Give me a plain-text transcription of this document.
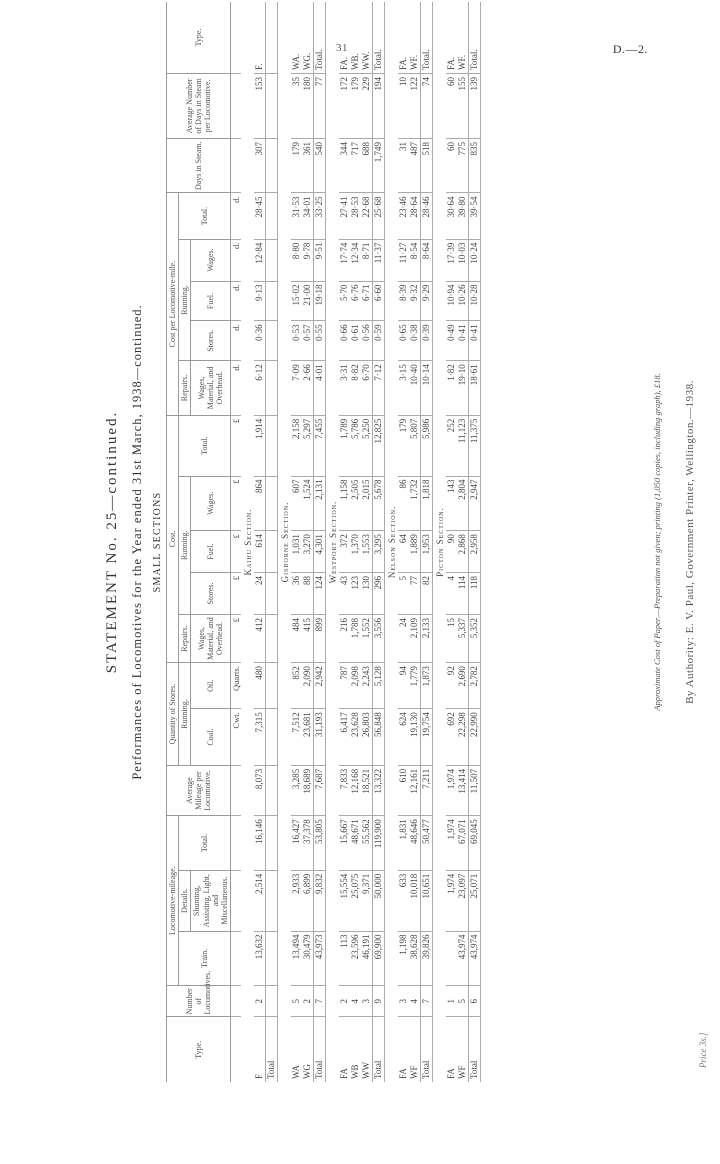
31	D.—2.
STATEMENT No. 25—continued. Performances of Locomotives for the Year ended 31st March, 1938—continued. SMALL SECTIONS
Type.	Number of Locomotives.	Locomotive-mileage.			Average Mileage per Locomotive.	Quantity of Stores.		Cost.					Cost per Locomotive-mile.					Days in Steam.	Average Number of Days in Steam per Locomotive.	Type.
		Train.	Details.	Total.		Running.		Repairs.	Running.			Total.	Repairs.	Running.			Total.			
			Shunting, Assisting, Light, and Miscellaneous.			Coal.	Oil.	Wages, Material, and Overhead.	Stores.	Fuel.	Wages.		Wages, Material, and Overhead.	Stores.	Fuel.	Wages.				
						Cwt.	Quarts.	£	£	£	£	£	d.	d.	d.	d.	d.			
Kaihu Section.																				
F	2	13,632	2,514	16,146	8,073	7,315	480	412	24	614	864	1,914	6·12	0·36	9·13	12·84	28·45	307	153	F.
Total																				
Gisborne Section.																				
WA	5	13,494	2,933	16,427	3,285	7,512	852	484	36	1,031	607	2,158	7·09	0·53	15·02	8·80	31·53	179	35	WA.
WG	2	30,479	6,899	37,378	18,689	23,681	2,090	415	88	3,270	1,524	5,297	2·66	0·57	21·00	9·78	34·01	361	180	WG.
Total	7	43,973	9,832	53,805	7,687	31,193	2,942	899	124	4,301	2,131	7,455	4·01	0·55	19·18	9·51	33·25	540	77	Total.
Westport Section.																				
FA	2	113	15,554	15,667	7,833	6,417	787	216	43	372	1,158	1,789	3·31	0·66	5·70	17·74	27·41	344	172	FA.
WB	4	23,596	25,075	48,671	12,168	23,628	2,098	1,788	123	1,370	2,505	5,786	8·82	0·61	6·76	12·34	28·53	717	179	WB.
WW	3	46,191	9,371	55,562	18,521	26,803	2,243	1,552	130	1,553	2,015	5,250	6·70	0·56	6·71	8·71	22·68	688	229	WW.
Total	9	69,900	50,000	119,900	13,322	56,848	5,128	3,556	296	3,295	5,678	12,825	7·12	0·59	6·60	11·37	25·68	1,749	194	Total.
Nelson Section.																				
FA	3	1,198	633	1,831	610	624	94	24	5	64	86	179	3·15	0·65	8·39	11·27	23·46	31	10	FA.
WF	4	38,628	10,018	48,646	12,161	19,130	1,779	2,109	77	1,889	1,732	5,807	10·40	0·38	9·32	8·54	28·64	487	122	WF.
Total	7	39,826	10,651	50,477	7,211	19,754	1,873	2,133	82	1,953	1,818	5,986	10·14	0·39	9·29	8·64	28·46	518	74	Total.
Picton Section.																				
FA	1		1,974	1,974	1,974	692	92	15	4	90	143	252	1·82	0·49	10·94	17·39	30·64	60	60	FA.
WF	5	43,974	23,097	67,071	13,414	22,298	2,690	5,337	114	2,868	2,804	11,123	19·10	0·41	10·26	10·03	39·80	775	155	WF.
Total	6	43,974	25,071	69,045	11,507	22,990	2,782	5,352	118	2,958	2,947	11,375	18·61	0·41	10·28	10·24	39·54	835	139	Total.
Approximate Cost of Paper.—Preparation not given; printing (1,050 copies, including graph), £18. By Authority: E. V. Paul, Government Printer, Wellington.—1938.
Price 3s.]
